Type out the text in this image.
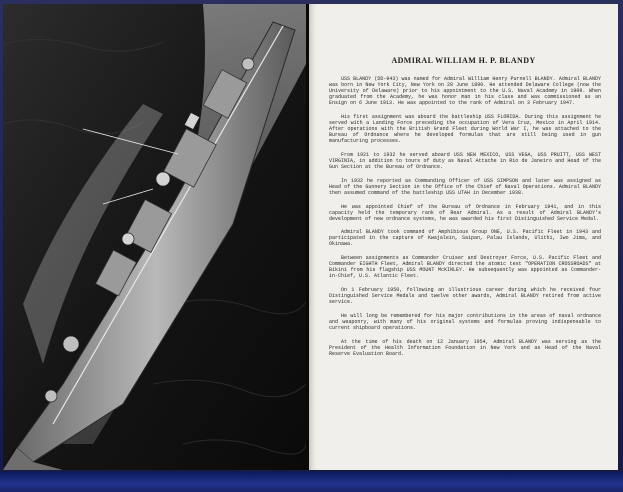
ADMIRAL WILLIAM H. P. BLANDY

USS BLANDY (DD-943) was named for Admiral William Henry Purnell BLANDY. Admiral BLANDY was born in New York City, New York on 28 June 1890. He attended Delaware College (now the University of Delaware) prior to his appointment to the U.S. Naval Academy in 1909. When graduated from the Academy, he was honor man in his class and was commissioned as an Ensign on 6 June 1913. He was appointed to the rank of Admiral on 3 February 1947.

His first assignment was aboard the battleship USS FLORIDA. During this assignment he served with a Landing Force preceding the occupation of Vera Cruz, Mexico in April 1914. After operations with the British Grand Fleet during World War I, he was attached to the Bureau of Ordnance where he developed formulas that are still being used in gun manufacturing processes.

From 1921 to 1932 he served aboard USS NEW MEXICO, USS VEGA, USS PRUITT, USS WEST VIRGINIA, in addition to tours of duty as Naval Attache in Rio de Janeiro and Head of the Gun Section at the Bureau of Ordnance.

In 1932 he reported as Commanding Officer of USS SIMPSON and later was assigned as Head of the Gunnery Section in the Office of the Chief of Naval Operations. Admiral BLANDY then assumed command of the battleship USS UTAH in December 1938.

He was appointed Chief of the Bureau of Ordnance in February 1941, and in this capacity held the temporary rank of Rear Admiral. As a result of Admiral BLANDY's development of new ordnance systems, he was awarded his first Distinguished Service Medal.

Admiral BLANDY took command of Amphibious Group ONE, U.S. Pacific Fleet in 1943 and participated in the capture of Kwajalein, Saipan, Palau Islands, Ulithi, Iwo Jima, and Okinawa.

Between assignments as Commander Cruiser and Destroyer Force, U.S. Pacific Fleet and Commander EIGHTH Fleet, Admiral BLANDY directed the atomic test "OPERATION CROSSROADS" at Bikini from his flagship USS MOUNT McKINLEY. He subsequently was appointed as Commander-in-Chief, U.S. Atlantic Fleet.

On 1 February 1950, following an illustrious career during which he received four Distinguished Service Medals and twelve other awards, Admiral BLANDY retired from active service.

He will long be remembered for his major contributions in the areas of naval ordnance and weaponry, with many of his original systems and formulas proving indispensable to current shipboard operations.

At the time of his death on 12 January 1954, Admiral BLANDY was serving as the President of the Health Information Foundation in New York and as Head of the Naval Reserve Evaluation Board.
